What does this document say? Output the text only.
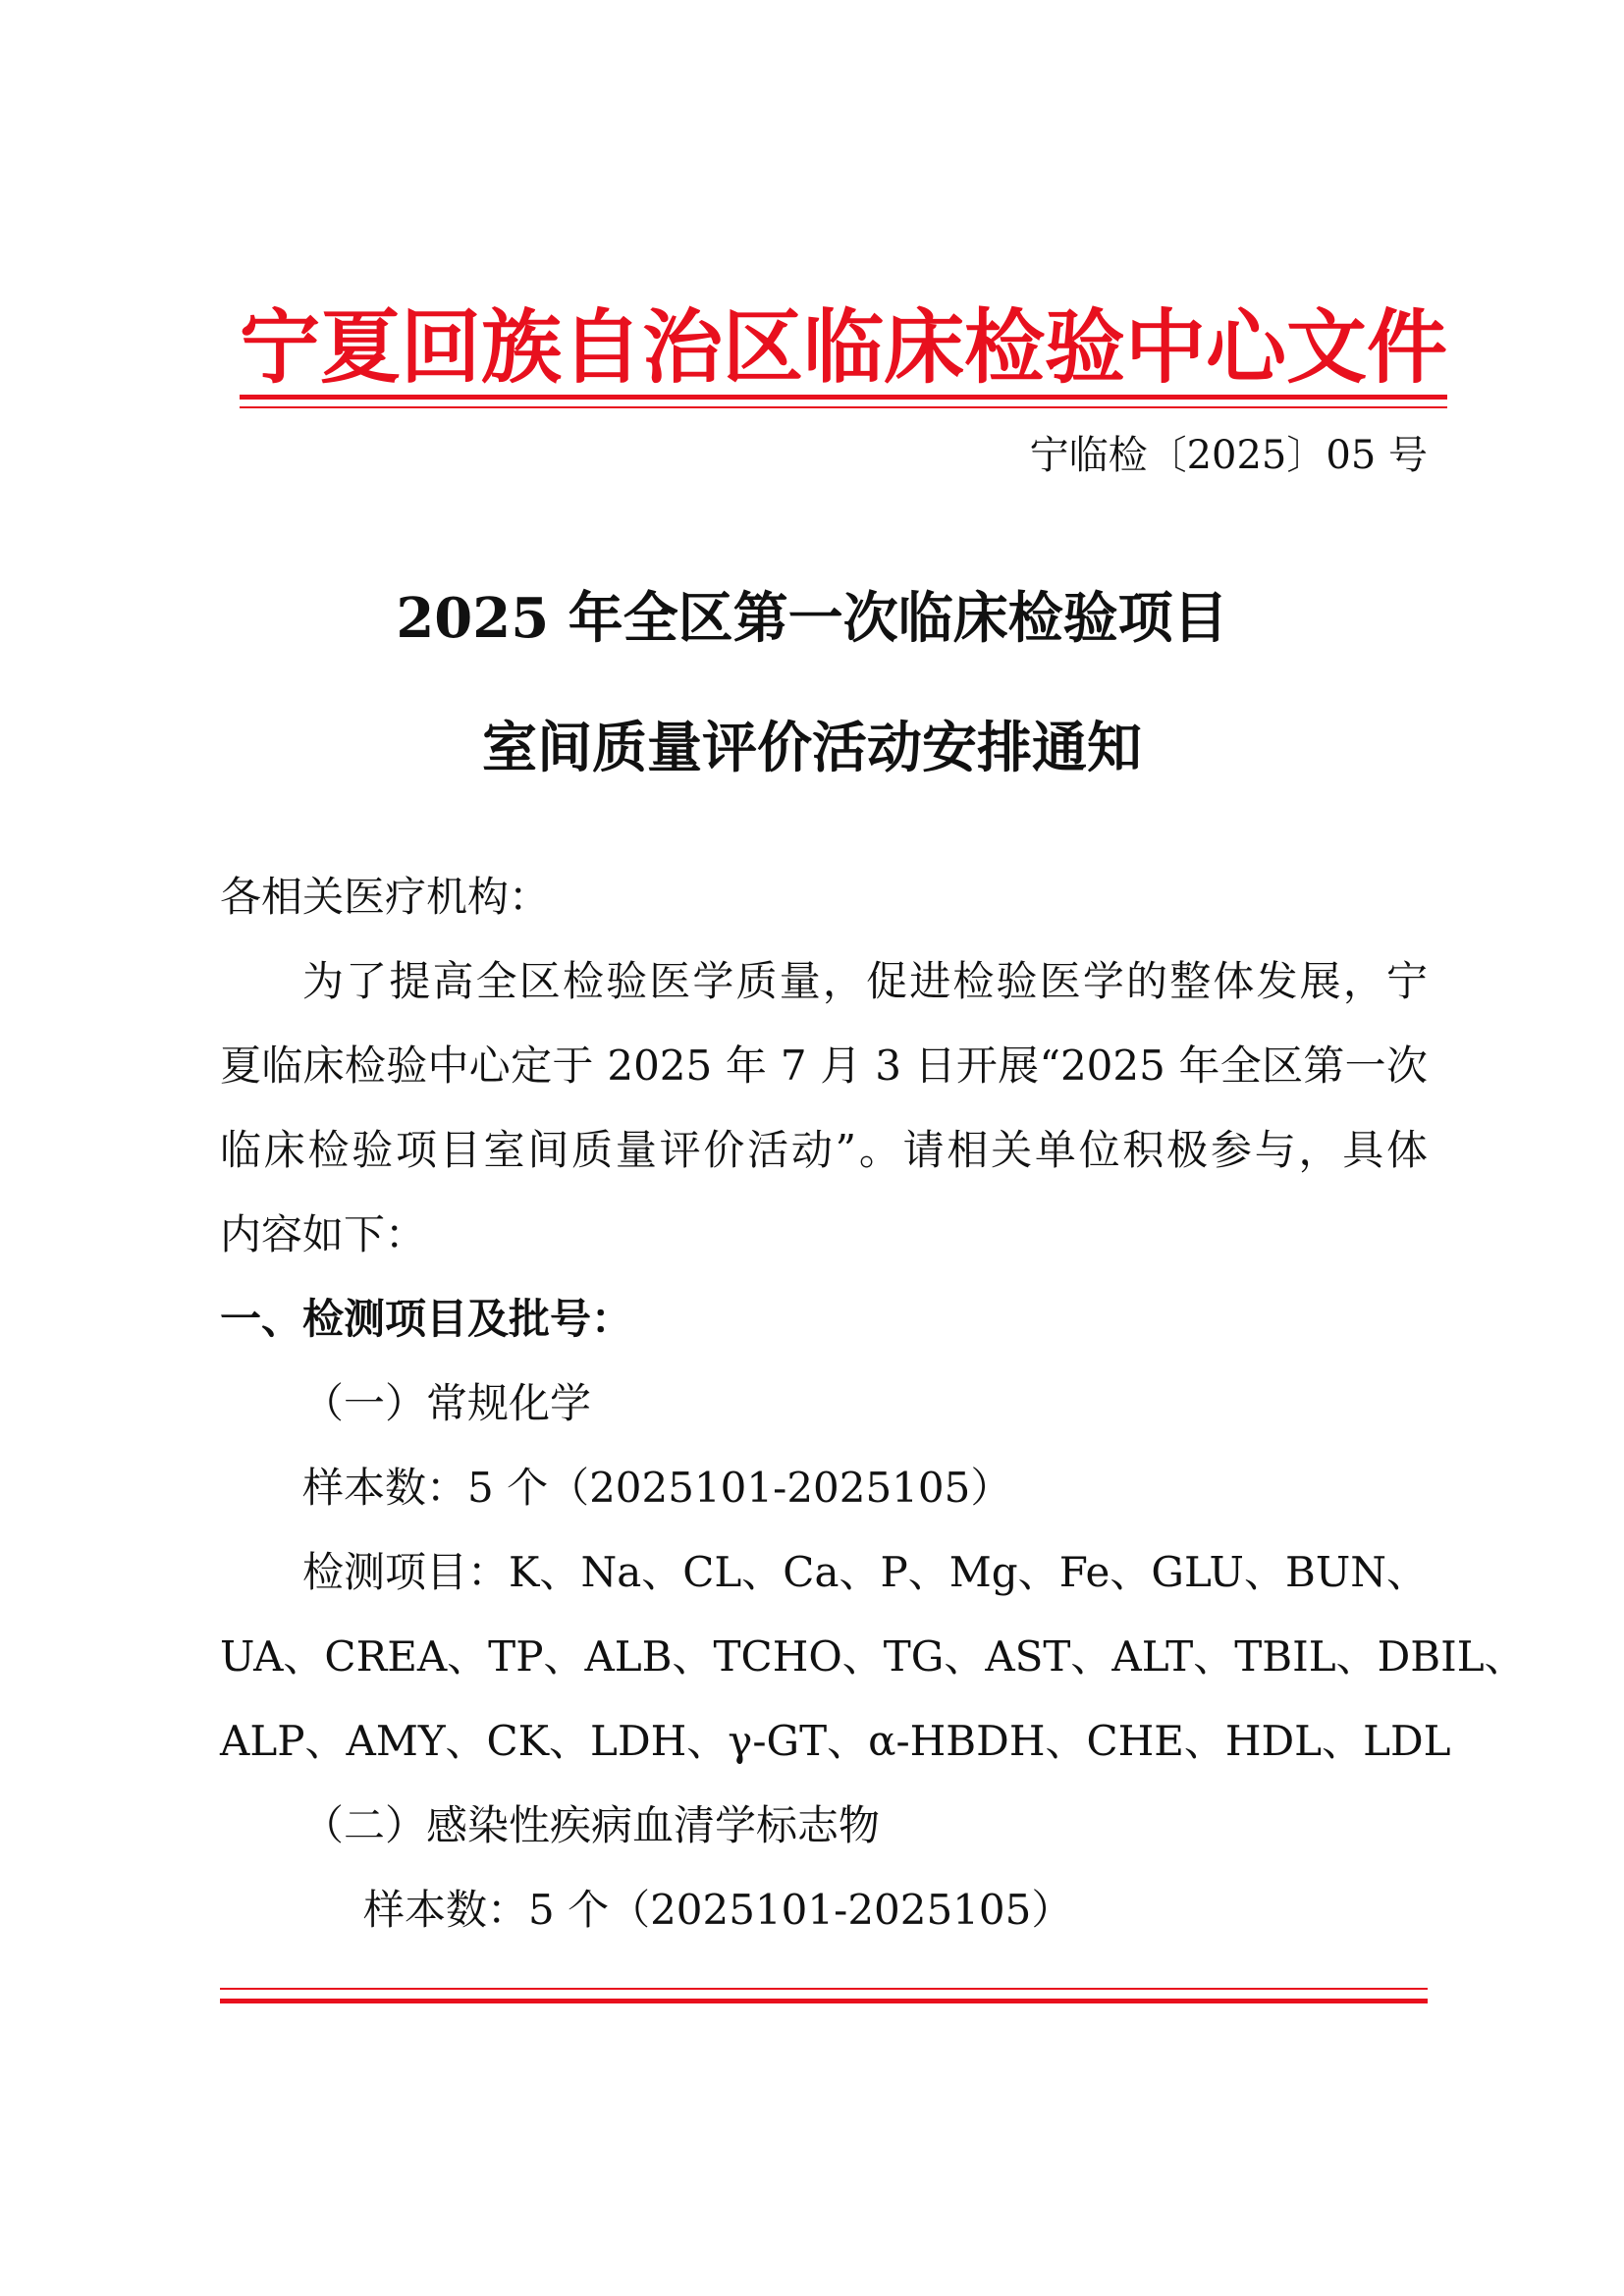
宁夏回族自治区临床检验中心文件
宁临检〔2025〕05 号
2025 年全区第一次临床检验项目
室间质量评价活动安排通知
各相关医疗机构：
为了提高全区检验医学质量，促进检验医学的整体发展，宁
夏临床检验中心定于 2025 年 7 月 3 日开展“2025 年全区第一次
临床检验项目室间质量评价活动”。请相关单位积极参与，具体
内容如下：
一、检测项目及批号：
（一）常规化学
样本数：5 个（2025101-2025105）
检测项目：K、Na、CL、Ca、P、Mg、Fe、GLU、BUN、
UA、CREA、TP、ALB、TCHO、TG、AST、ALT、TBIL、DBIL、
ALP、AMY、CK、LDH、γ-GT、α-HBDH、CHE、HDL、LDL
（二）感染性疾病血清学标志物
样本数：5 个（2025101-2025105）
